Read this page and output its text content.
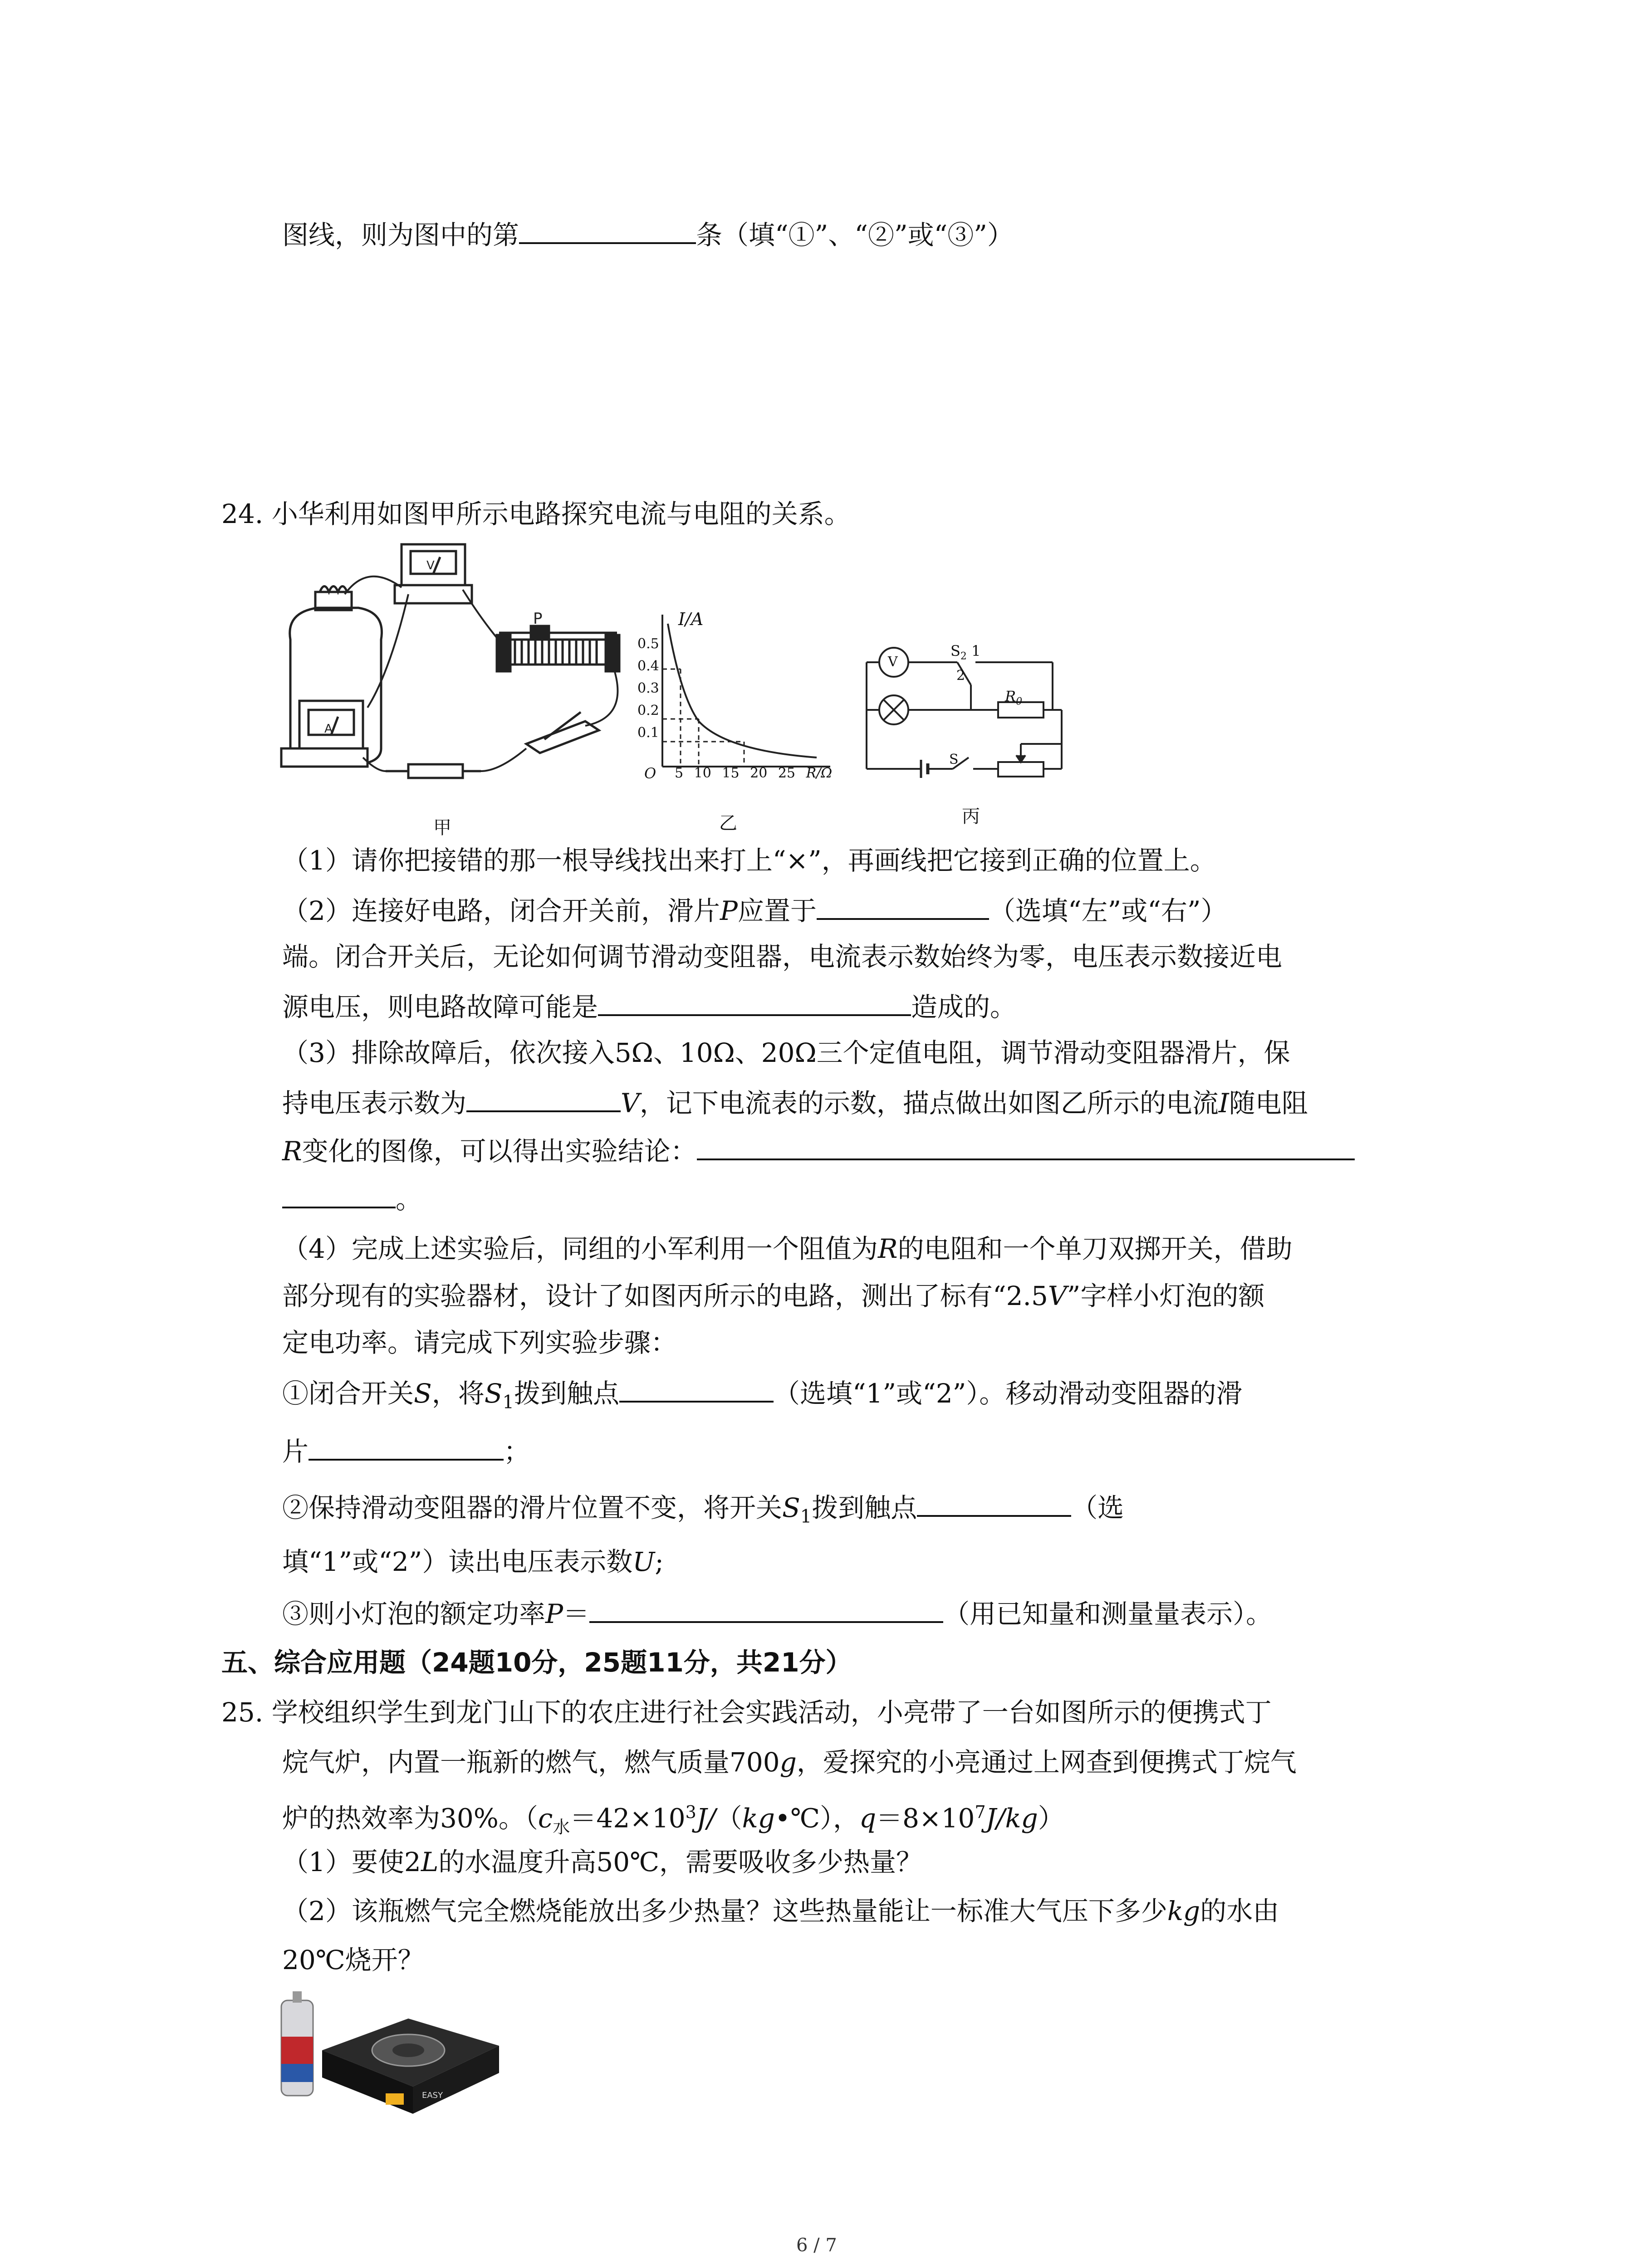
图线，则为图中的第	条（填“①”、“②”或“③”）
24. 小华利用如图甲所示电路探究电流与电阻的关系。
P
A
V
甲
I/A
0.5
0.4
0.3
0.2
0.1
O 5 10 15 20 25 R/Ω
乙
V
$S_2$ 1
2
$R_0$
S
丙
（1）请你把接错的那一根导线找出来打上“×”，再画线把它接到正确的位置上。
（2）连接好电路，闭合开关前，滑片P应置于	（选填“左”或“右”）
端。闭合开关后，无论如何调节滑动变阻器，电流表示数始终为零，电压表示数接近电
源电压，则电路故障可能是	造成的。
（3）排除故障后，依次接入5Ω、10Ω、20Ω三个定值电阻，调节滑动变阻器滑片，保
持电压表示数为	V，记下电流表的示数，描点做出如图乙所示的电流I随电阻
R变化的图像，可以得出实验结论：
。
（4）完成上述实验后，同组的小军利用一个阻值为R的电阻和一个单刀双掷开关，借助
部分现有的实验器材，设计了如图丙所示的电路，测出了标有“2.5V”字样小灯泡的额
定电功率。请完成下列实验步骤：
①闭合开关S，将$S_1$拨到触点	（选填“1”或“2”）。移动滑动变阻器的滑
片	；
②保持滑动变阻器的滑片位置不变，将开关$S_1$拨到触点	（选
填“1”或“2”）读出电压表示数U;
③则小灯泡的额定功率P＝	（用已知量和测量量表示）。
五、综合应用题（24题10分，25题11分，共21分）
25. 学校组织学生到龙门山下的农庄进行社会实践活动，小亮带了一台如图所示的便携式丁
烷气炉，内置一瓶新的燃气，燃气质量700g，爱探究的小亮通过上网查到便携式丁烷气
炉的热效率为30%。（$c_水=42\times 10^3J/(kg•℃)$，$q=8\times 10^7J/kg$）
（1）要使2L的水温度升高50℃，需要吸收多少热量？
（2）该瓶燃气完全燃烧能放出多少热量？这些热量能让一标准大气压下多少kg的水由
20℃烧开？
EASY
6 / 7
